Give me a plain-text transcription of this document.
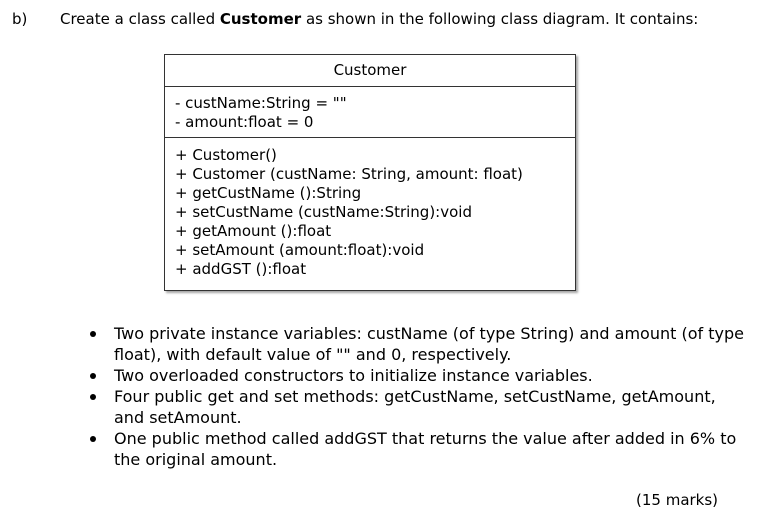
b) Create a class called Customer as shown in the following class diagram. It contains:
Customer
- custName:String = ""
- amount:float = 0
+ Customer()
+ Customer (custName: String, amount: float)
+ getCustName ():String
+ setCustName (custName:String):void
+ getAmount ():float
+ setAmount (amount:float):void
+ addGST ():float
Two private instance variables: custName (of type String) and amount (of type float), with default value of "" and 0, respectively.
Two overloaded constructors to initialize instance variables.
Four public get and set methods: getCustName, setCustName, getAmount, and setAmount.
One public method called addGST that returns the value after added in 6% to the original amount.
(15 marks)
